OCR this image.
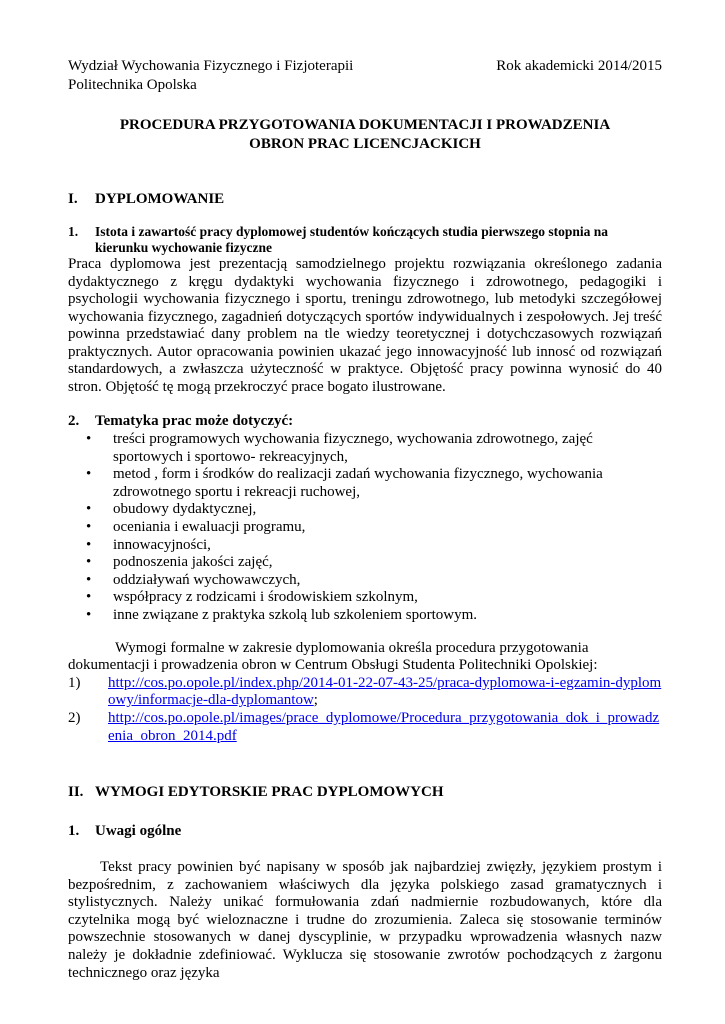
Wydział Wychowania Fizycznego i Fizjoterapii	Rok akademicki 2014/2015
Politechnika Opolska
PROCEDURA PRZYGOTOWANIA DOKUMENTACJI I PROWADZENIA
OBRON PRAC LICENCJACKICH
I.	DYPLOMOWANIE
1.	Istota i zawartość pracy dyplomowej studentów kończących studia pierwszego stopnia na kierunku wychowanie fizyczne
Praca dyplomowa jest prezentacją samodzielnego projektu rozwiązania określonego zadania dydaktycznego z kręgu dydaktyki wychowania fizycznego i zdrowotnego, pedagogiki i psychologii wychowania fizycznego i sportu, treningu zdrowotnego, lub metodyki szczegółowej wychowania fizycznego, zagadnień dotyczących sportów indywidualnych i zespołowych. Jej treść powinna przedstawiać dany problem na tle wiedzy teoretycznej i dotychczasowych rozwiązań praktycznych. Autor opracowania powinien ukazać jego innowacyjność lub innosć od rozwiązań standardowych, a zwłaszcza użyteczność w praktyce. Objętość pracy powinna wynosić do 40 stron. Objętość tę mogą przekroczyć prace bogato ilustrowane.
2.	Tematyka prac może dotyczyć:
•	treści programowych wychowania fizycznego, wychowania zdrowotnego, zajęć sportowych i sportowo- rekreacyjnych,
•	metod , form i środków do realizacji zadań wychowania fizycznego, wychowania zdrowotnego sportu i rekreacji ruchowej,
•	obudowy dydaktycznej,
•	oceniania i ewaluacji programu,
•	innowacyjności,
•	podnoszenia jakości zajęć,
•	oddziaływań wychowawczych,
•	współpracy z rodzicami i środowiskiem szkolnym,
•	inne związane z praktyka szkolą lub szkoleniem sportowym.
Wymogi formalne w zakresie dyplomowania określa procedura przygotowania dokumentacji i prowadzenia obron w Centrum Obsługi Studenta Politechniki Opolskiej:
1)	http://cos.po.opole.pl/index.php/2014-01-22-07-43-25/praca-dyplomowa-i-egzamin-dyplomowy/informacje-dla-dyplomantow;
2)	http://cos.po.opole.pl/images/prace_dyplomowe/Procedura_przygotowania_dok_i_prowadzenia_obron_2014.pdf
II. WYMOGI EDYTORSKIE PRAC DYPLOMOWYCH
1.	Uwagi ogólne
Tekst pracy powinien być napisany w sposób jak najbardziej zwięzły, językiem prostym i bezpośrednim, z zachowaniem właściwych dla języka polskiego zasad gramatycznych i stylistycznych. Należy unikać formułowania zdań nadmiernie rozbudowanych, które dla czytelnika mogą być wieloznaczne i trudne do zrozumienia. Zaleca się stosowanie terminów powszechnie stosowanych w danej dyscyplinie, w przypadku wprowadzenia własnych nazw należy je dokładnie zdefiniować. Wyklucza się stosowanie zwrotów pochodzących z żargonu technicznego oraz języka
